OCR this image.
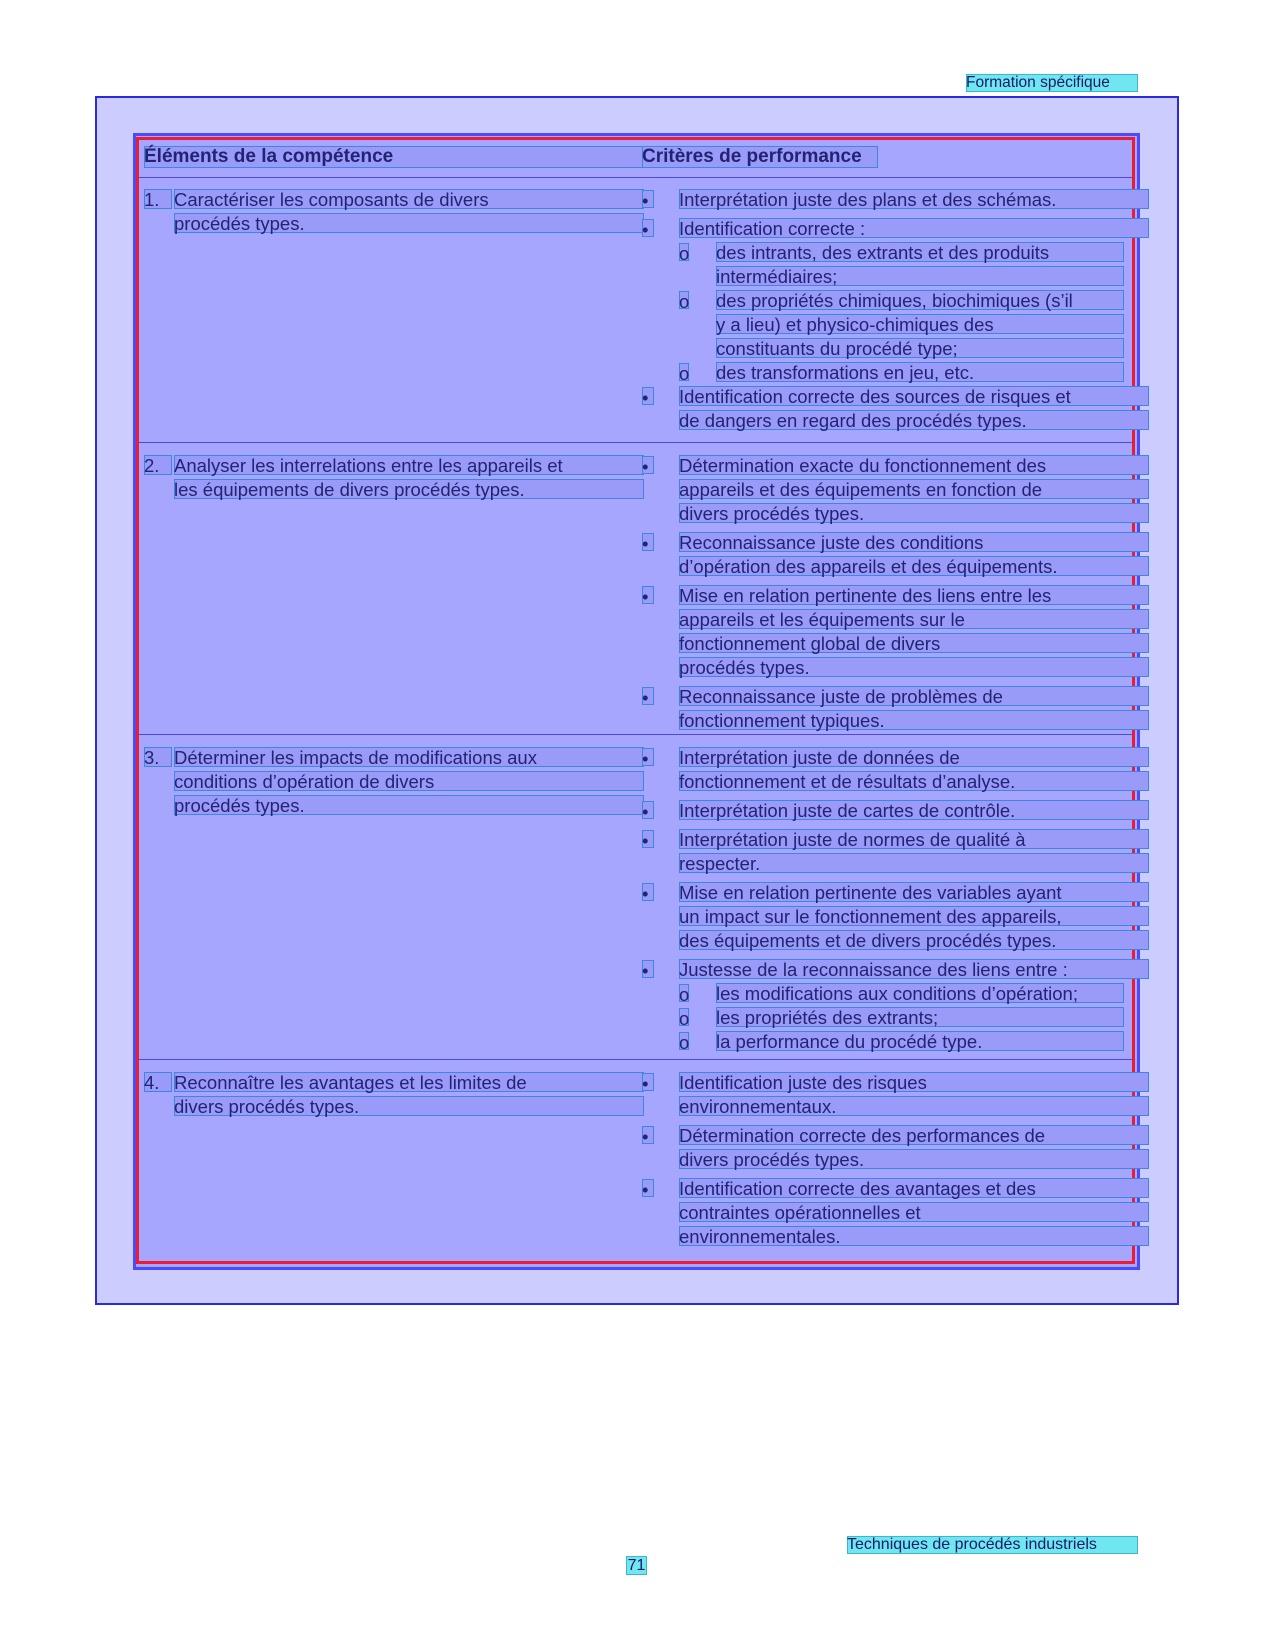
Formation spécifique
Éléments de la compétence	Critères de performance
1. Caractériser les composants de divers
procédés types.
• Interprétation juste des plans et des schémas.
• Identification correcte :
o des intrants, des extrants et des produits
intermédiaires;
o des propriétés chimiques, biochimiques (s’il
y a lieu) et physico-chimiques des
constituants du procédé type;
o des transformations en jeu, etc.
• Identification correcte des sources de risques et
de dangers en regard des procédés types.
2. Analyser les interrelations entre les appareils et
les équipements de divers procédés types.
• Détermination exacte du fonctionnement des
appareils et des équipements en fonction de
divers procédés types.
• Reconnaissance juste des conditions
d’opération des appareils et des équipements.
• Mise en relation pertinente des liens entre les
appareils et les équipements sur le
fonctionnement global de divers
procédés types.
• Reconnaissance juste de problèmes de
fonctionnement typiques.
3. Déterminer les impacts de modifications aux
conditions d’opération de divers
procédés types.
• Interprétation juste de données de
fonctionnement et de résultats d’analyse.
• Interprétation juste de cartes de contrôle.
• Interprétation juste de normes de qualité à
respecter.
• Mise en relation pertinente des variables ayant
un impact sur le fonctionnement des appareils,
des équipements et de divers procédés types.
• Justesse de la reconnaissance des liens entre :
o les modifications aux conditions d’opération;
o les propriétés des extrants;
o la performance du procédé type.
4. Reconnaître les avantages et les limites de
divers procédés types.
• Identification juste des risques
environnementaux.
• Détermination correcte des performances de
divers procédés types.
• Identification correcte des avantages et des
contraintes opérationnelles et
environnementales.
Techniques de procédés industriels
71
